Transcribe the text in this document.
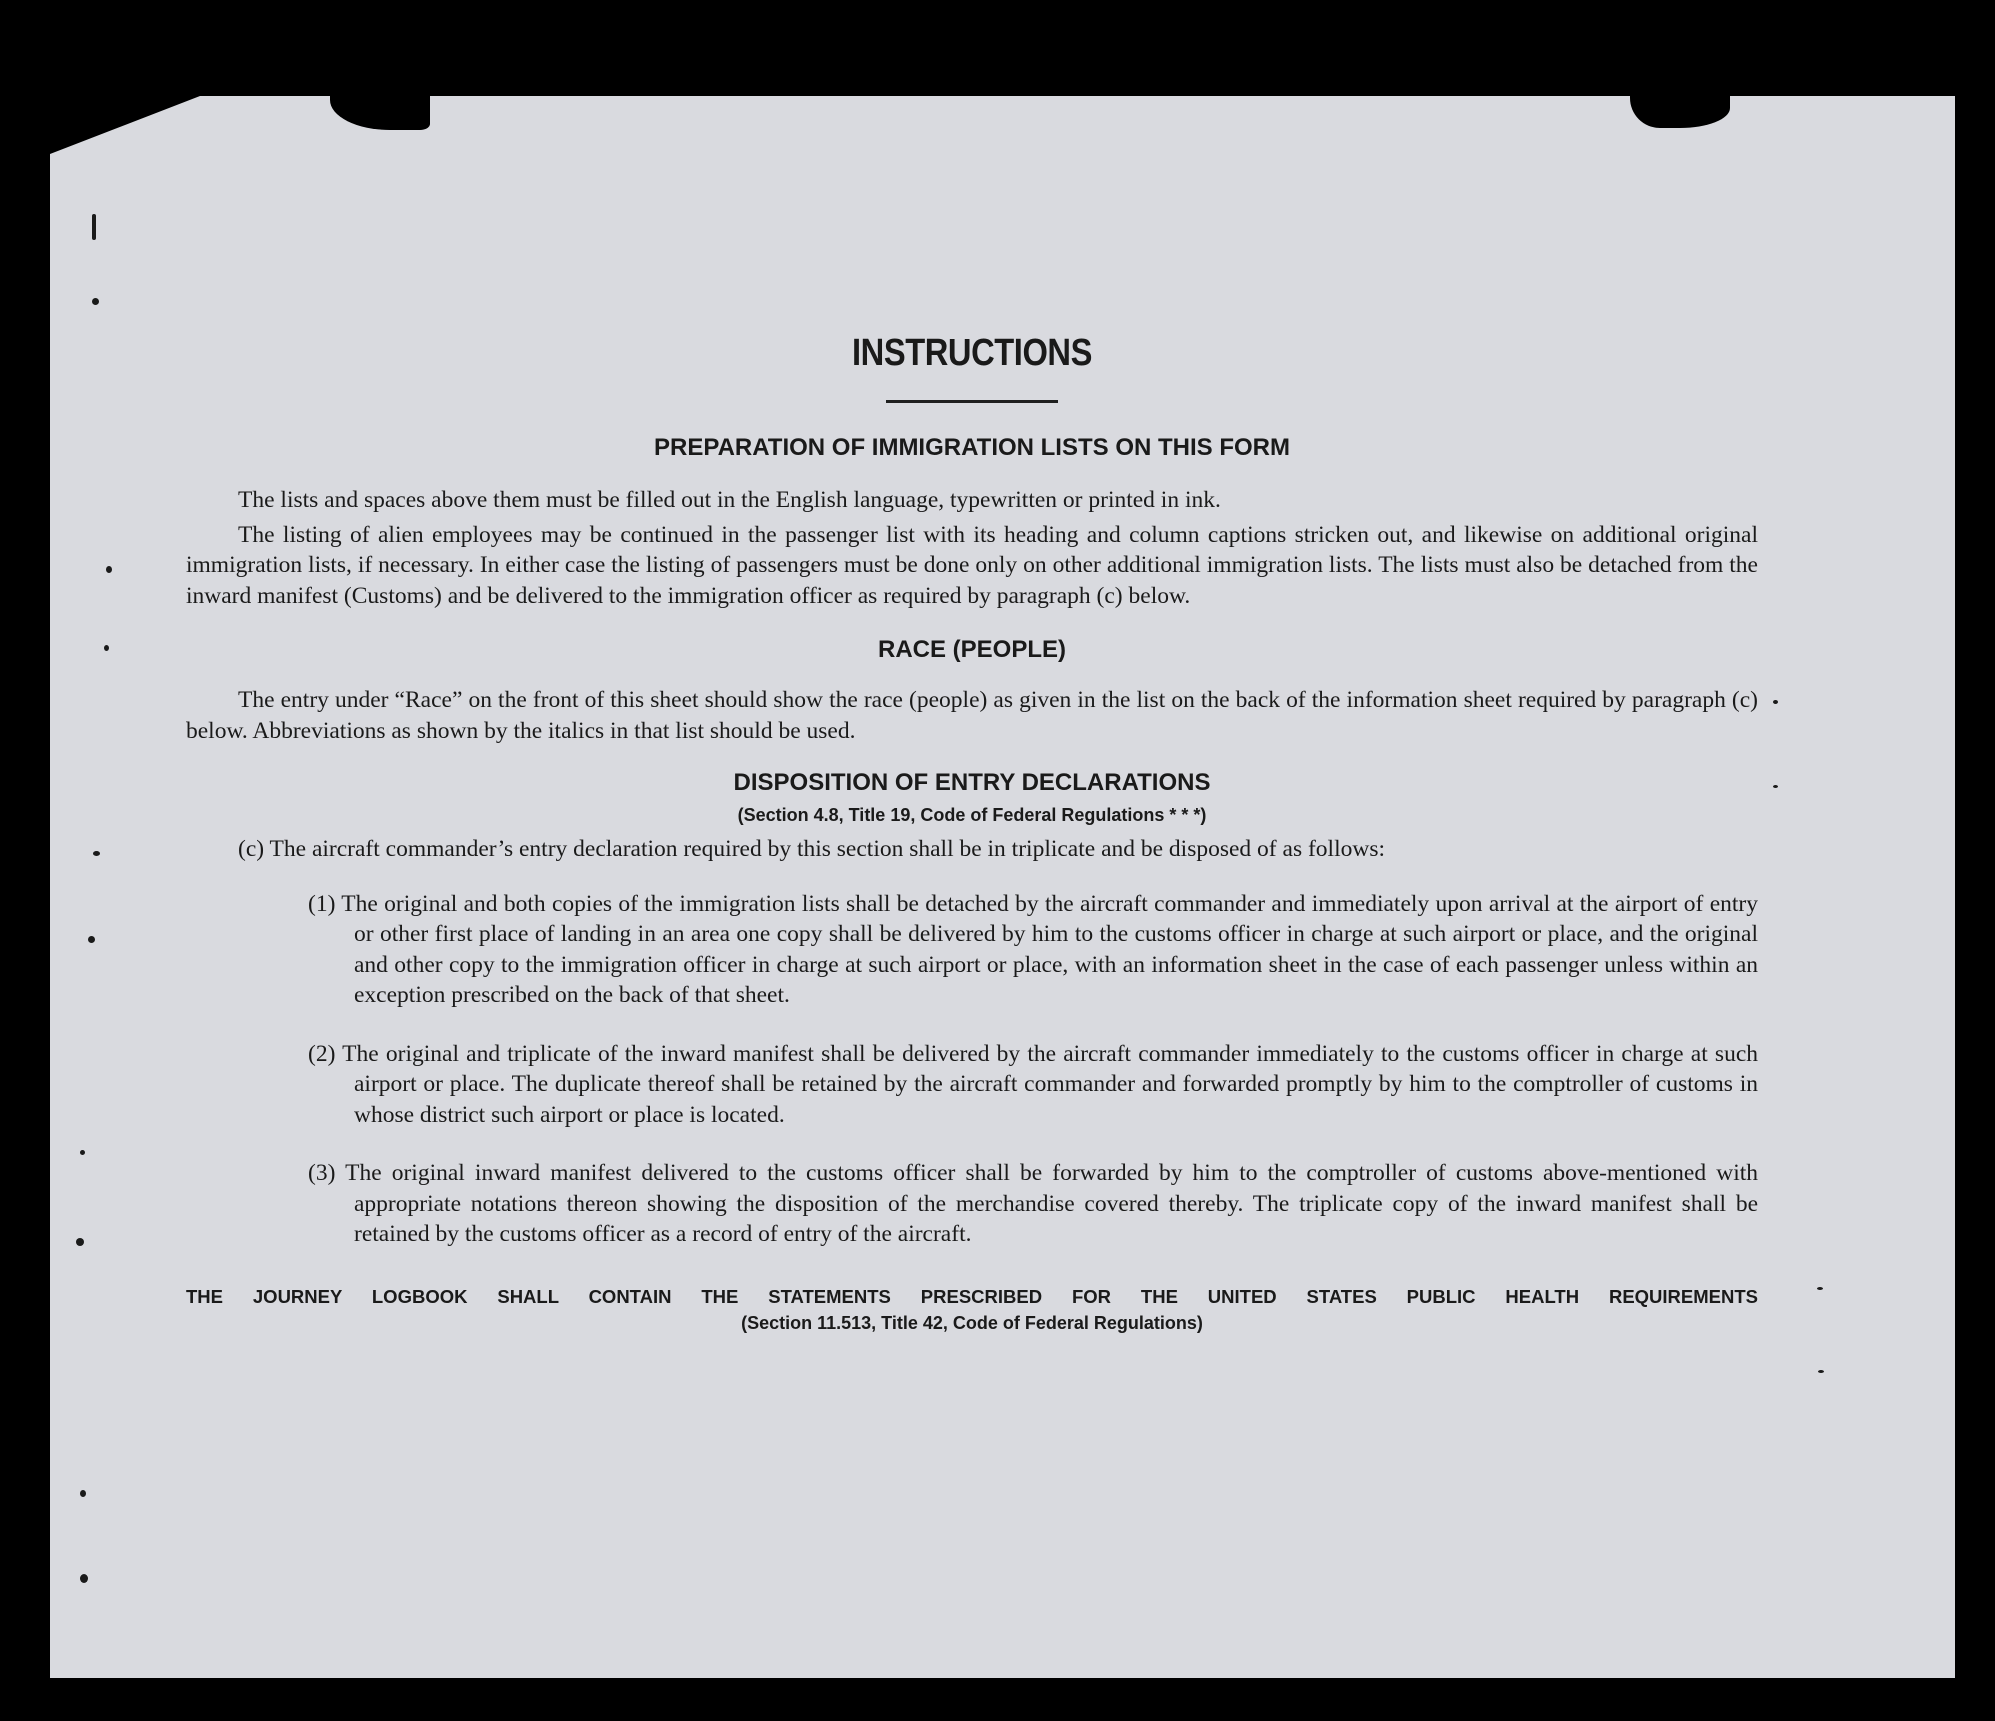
INSTRUCTIONS
PREPARATION OF IMMIGRATION LISTS ON THIS FORM

The lists and spaces above them must be filled out in the English language, typewritten or printed in ink.

The listing of alien employees may be continued in the passenger list with its heading and column captions stricken out, and likewise on additional original immigration lists, if necessary. In either case the listing of passengers must be done only on other additional immigration lists. The lists must also be detached from the inward manifest (Customs) and be delivered to the immigration officer as required by paragraph (c) below.

RACE (PEOPLE)

The entry under “Race” on the front of this sheet should show the race (people) as given in the list on the back of the information sheet required by paragraph (c) below. Abbreviations as shown by the italics in that list should be used.

DISPOSITION OF ENTRY DECLARATIONS
(Section 4.8, Title 19, Code of Federal Regulations * * *)

(c) The aircraft commander’s entry declaration required by this section shall be in triplicate and be disposed of as follows:

(1) The original and both copies of the immigration lists shall be detached by the aircraft commander and immediately upon arrival at the airport of entry or other first place of landing in an area one copy shall be delivered by him to the customs officer in charge at such airport or place, and the original and other copy to the immigration officer in charge at such airport or place, with an information sheet in the case of each passenger unless within an exception prescribed on the back of that sheet.

(2) The original and triplicate of the inward manifest shall be delivered by the aircraft commander immediately to the customs officer in charge at such airport or place. The duplicate thereof shall be retained by the aircraft commander and forwarded promptly by him to the comptroller of customs in whose district such airport or place is located.

(3) The original inward manifest delivered to the customs officer shall be forwarded by him to the comptroller of customs above-mentioned with appropriate notations thereon showing the disposition of the merchandise covered thereby. The triplicate copy of the inward manifest shall be retained by the customs officer as a record of entry of the aircraft.

THE JOURNEY LOGBOOK SHALL CONTAIN THE STATEMENTS PRESCRIBED FOR THE UNITED STATES PUBLIC HEALTH REQUIREMENTS
(Section 11.513, Title 42, Code of Federal Regulations)
